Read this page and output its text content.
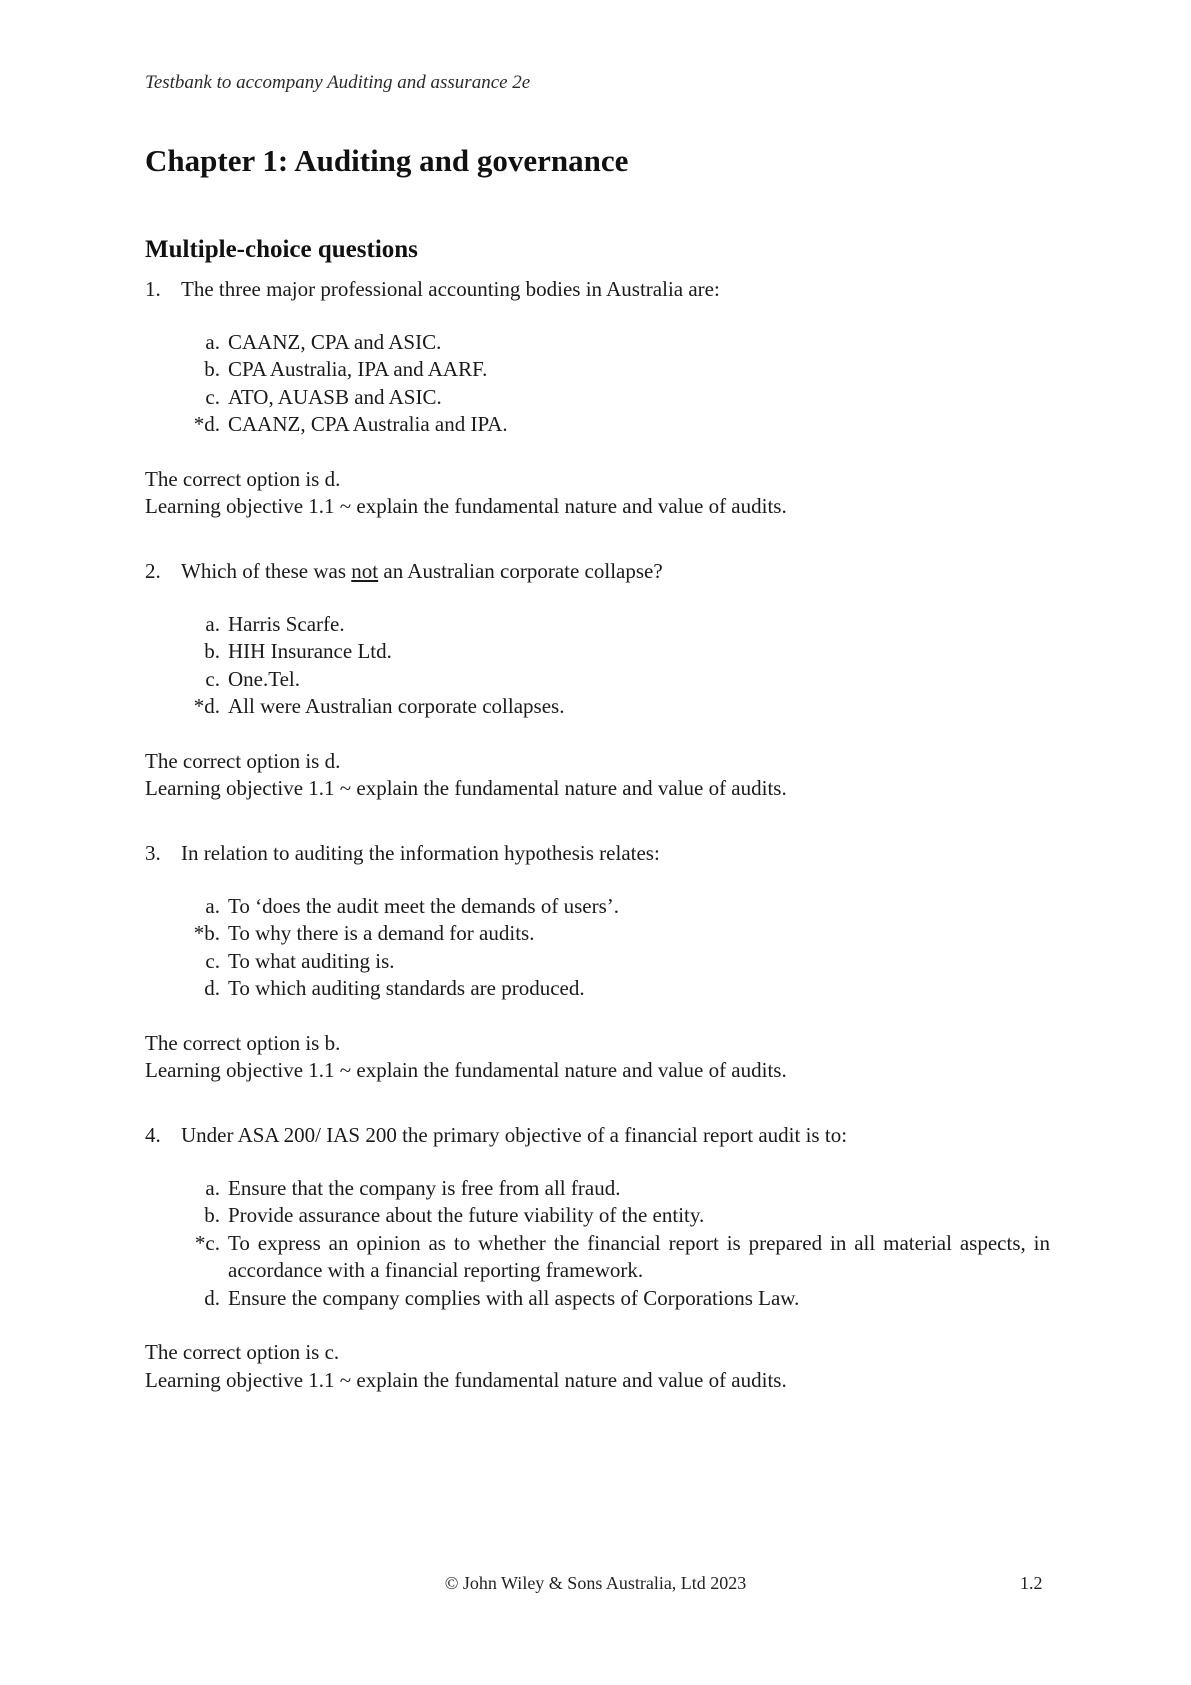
Testbank to accompany Auditing and assurance 2e
Chapter 1: Auditing and governance
Multiple-choice questions
1. The three major professional accounting bodies in Australia are:
a. CAANZ, CPA and ASIC.
b. CPA Australia, IPA and AARF.
c. ATO, AUASB and ASIC.
*d. CAANZ, CPA Australia and IPA.
The correct option is d.
Learning objective 1.1 ~ explain the fundamental nature and value of audits.
2. Which of these was not an Australian corporate collapse?
a. Harris Scarfe.
b. HIH Insurance Ltd.
c. One.Tel.
*d. All were Australian corporate collapses.
The correct option is d.
Learning objective 1.1 ~ explain the fundamental nature and value of audits.
3. In relation to auditing the information hypothesis relates:
a. To ‘does the audit meet the demands of users’.
*b. To why there is a demand for audits.
c. To what auditing is.
d. To which auditing standards are produced.
The correct option is b.
Learning objective 1.1 ~ explain the fundamental nature and value of audits.
4. Under ASA 200/ IAS 200 the primary objective of a financial report audit is to:
a. Ensure that the company is free from all fraud.
b. Provide assurance about the future viability of the entity.
*c. To express an opinion as to whether the financial report is prepared in all material aspects, in accordance with a financial reporting framework.
d. Ensure the company complies with all aspects of Corporations Law.
The correct option is c.
Learning objective 1.1 ~ explain the fundamental nature and value of audits.
© John Wiley & Sons Australia, Ltd 2023	1.2
